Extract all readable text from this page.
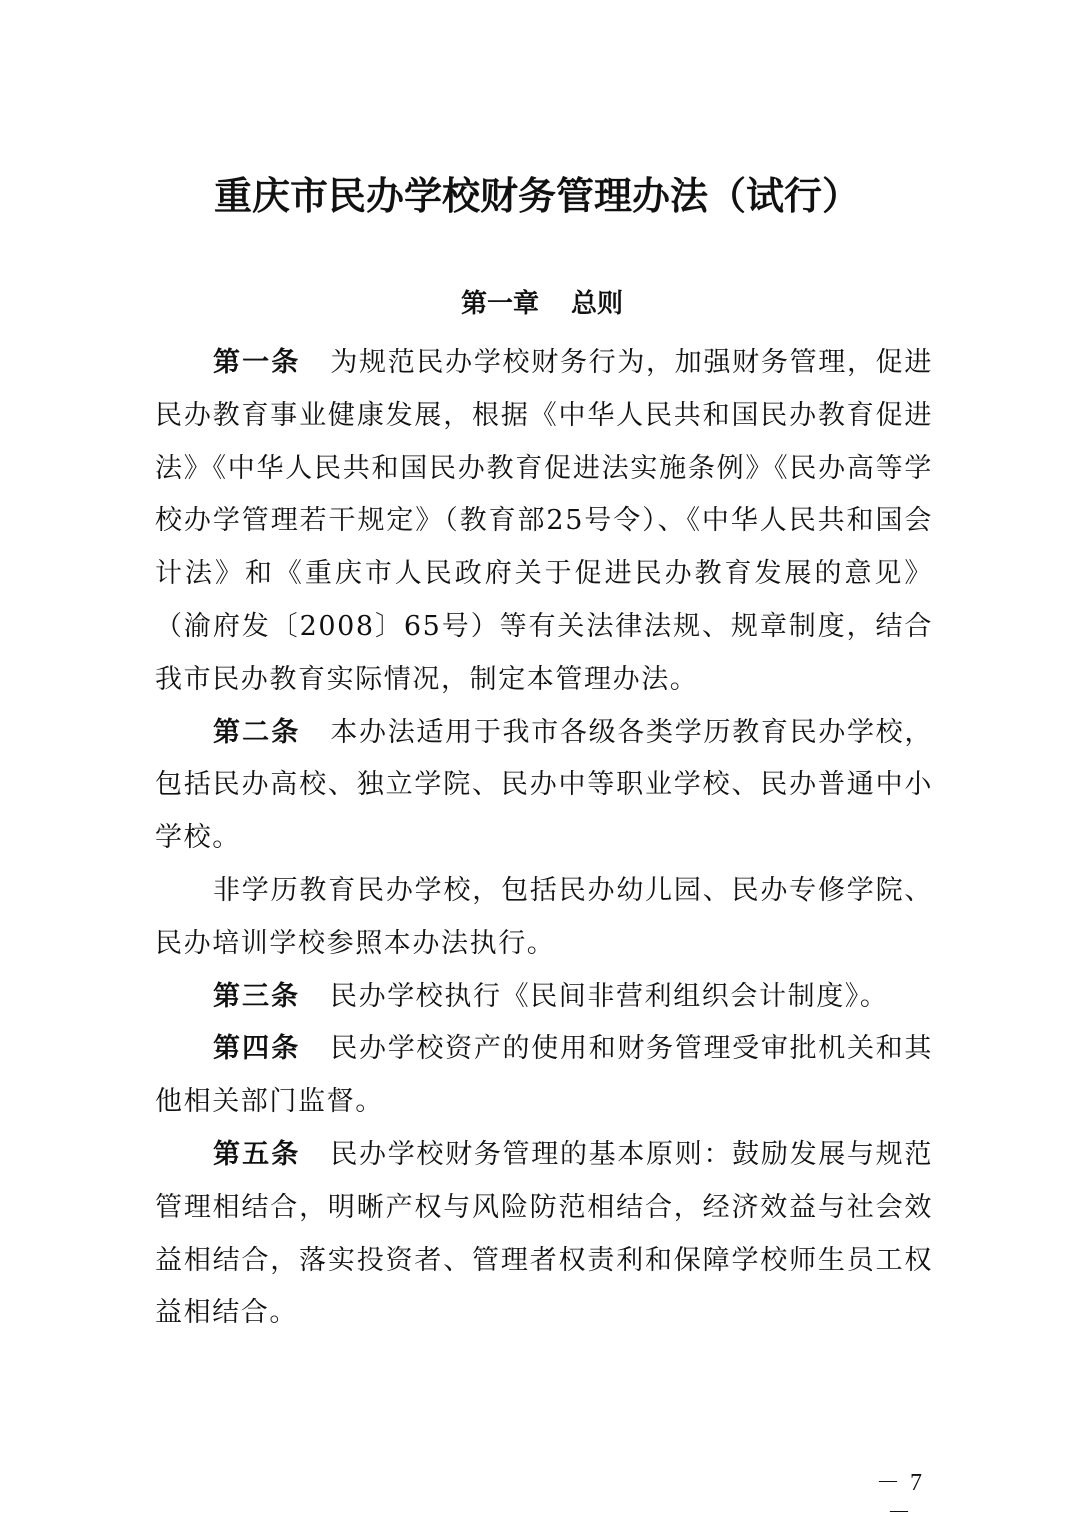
重庆市民办学校财务管理办法（试行）
第一章 总则

第一条 为规范民办学校财务行为，加强财务管理，促进民办教育事业健康发展，根据《中华人民共和国民办教育促进法》《中华人民共和国民办教育促进法实施条例》《民办高等学校办学管理若干规定》（教育部25号令）、《中华人民共和国会计法》和《重庆市人民政府关于促进民办教育发展的意见》（渝府发〔2008〕65号）等有关法律法规、规章制度，结合我市民办教育实际情况，制定本管理办法。

第二条 本办法适用于我市各级各类学历教育民办学校，包括民办高校、独立学院、民办中等职业学校、民办普通中小学校。

非学历教育民办学校，包括民办幼儿园、民办专修学院、民办培训学校参照本办法执行。

第三条 民办学校执行《民间非营利组织会计制度》。

第四条 民办学校资产的使用和财务管理受审批机关和其他相关部门监督。

第五条 民办学校财务管理的基本原则：鼓励发展与规范管理相结合，明晰产权与风险防范相结合，经济效益与社会效益相结合，落实投资者、管理者权责利和保障学校师生员工权益相结合。

－ 7 －
